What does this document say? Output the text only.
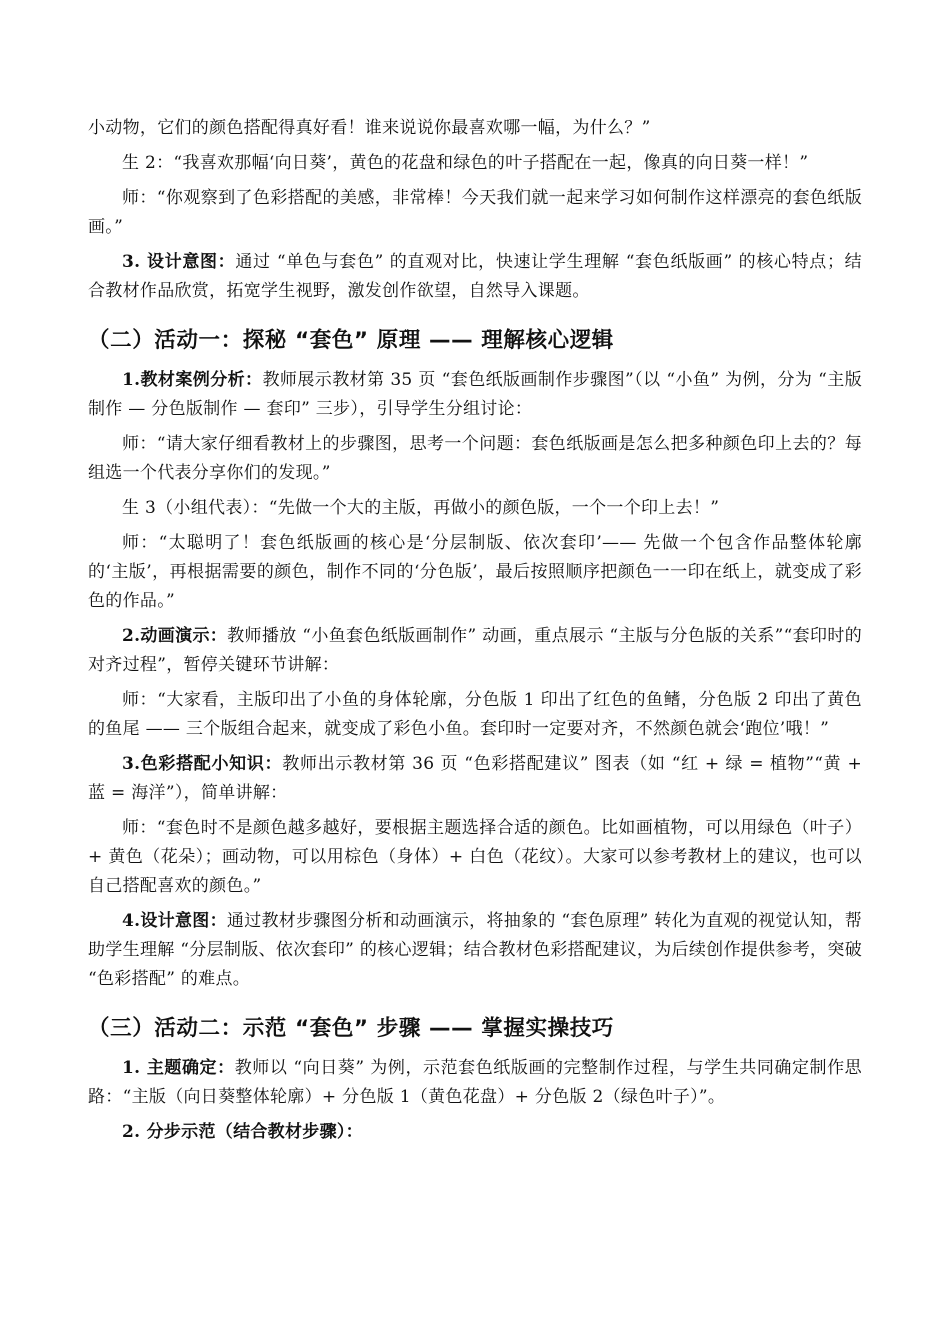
小动物，它们的颜色搭配得真好看！谁来说说你最喜欢哪一幅，为什么？”

生 2：“我喜欢那幅‘向日葵’，黄色的花盘和绿色的叶子搭配在一起，像真的向日葵一样！”

师：“你观察到了色彩搭配的美感，非常棒！今天我们就一起来学习如何制作这样漂亮的套色纸版画。”

3. 设计意图：通过 “单色与套色” 的直观对比，快速让学生理解 “套色纸版画” 的核心特点；结合教材作品欣赏，拓宽学生视野，激发创作欲望，自然导入课题。

（二）活动一：探秘 “套色” 原理 —— 理解核心逻辑

1.教材案例分析：教师展示教材第 35 页 “套色纸版画制作步骤图”（以 “小鱼” 为例，分为 “主版制作 — 分色版制作 — 套印” 三步），引导学生分组讨论：

师：“请大家仔细看教材上的步骤图，思考一个问题：套色纸版画是怎么把多种颜色印上去的？每组选一个代表分享你们的发现。”

生 3（小组代表）：“先做一个大的主版，再做小的颜色版，一个一个印上去！”

师：“太聪明了！套色纸版画的核心是‘分层制版、依次套印’—— 先做一个包含作品整体轮廓的‘主版’，再根据需要的颜色，制作不同的‘分色版’，最后按照顺序把颜色一一印在纸上，就变成了彩色的作品。”

2.动画演示：教师播放 “小鱼套色纸版画制作” 动画，重点展示 “主版与分色版的关系”“套印时的对齐过程”，暂停关键环节讲解：

师：“大家看，主版印出了小鱼的身体轮廓，分色版 1 印出了红色的鱼鳍，分色版 2 印出了黄色的鱼尾 —— 三个版组合起来，就变成了彩色小鱼。套印时一定要对齐，不然颜色就会‘跑位’哦！”

3.色彩搭配小知识：教师出示教材第 36 页 “色彩搭配建议” 图表（如 “红 + 绿 = 植物”“黄 + 蓝 = 海洋”），简单讲解：

师：“套色时不是颜色越多越好，要根据主题选择合适的颜色。比如画植物，可以用绿色（叶子）+ 黄色（花朵）；画动物，可以用棕色（身体）+ 白色（花纹）。大家可以参考教材上的建议，也可以自己搭配喜欢的颜色。”

4.设计意图：通过教材步骤图分析和动画演示，将抽象的 “套色原理” 转化为直观的视觉认知，帮助学生理解 “分层制版、依次套印” 的核心逻辑；结合教材色彩搭配建议，为后续创作提供参考，突破 “色彩搭配” 的难点。

（三）活动二：示范 “套色” 步骤 —— 掌握实操技巧

1. 主题确定：教师以 “向日葵” 为例，示范套色纸版画的完整制作过程，与学生共同确定制作思路：“主版（向日葵整体轮廓）+ 分色版 1（黄色花盘）+ 分色版 2（绿色叶子）”。

2. 分步示范（结合教材步骤）：
